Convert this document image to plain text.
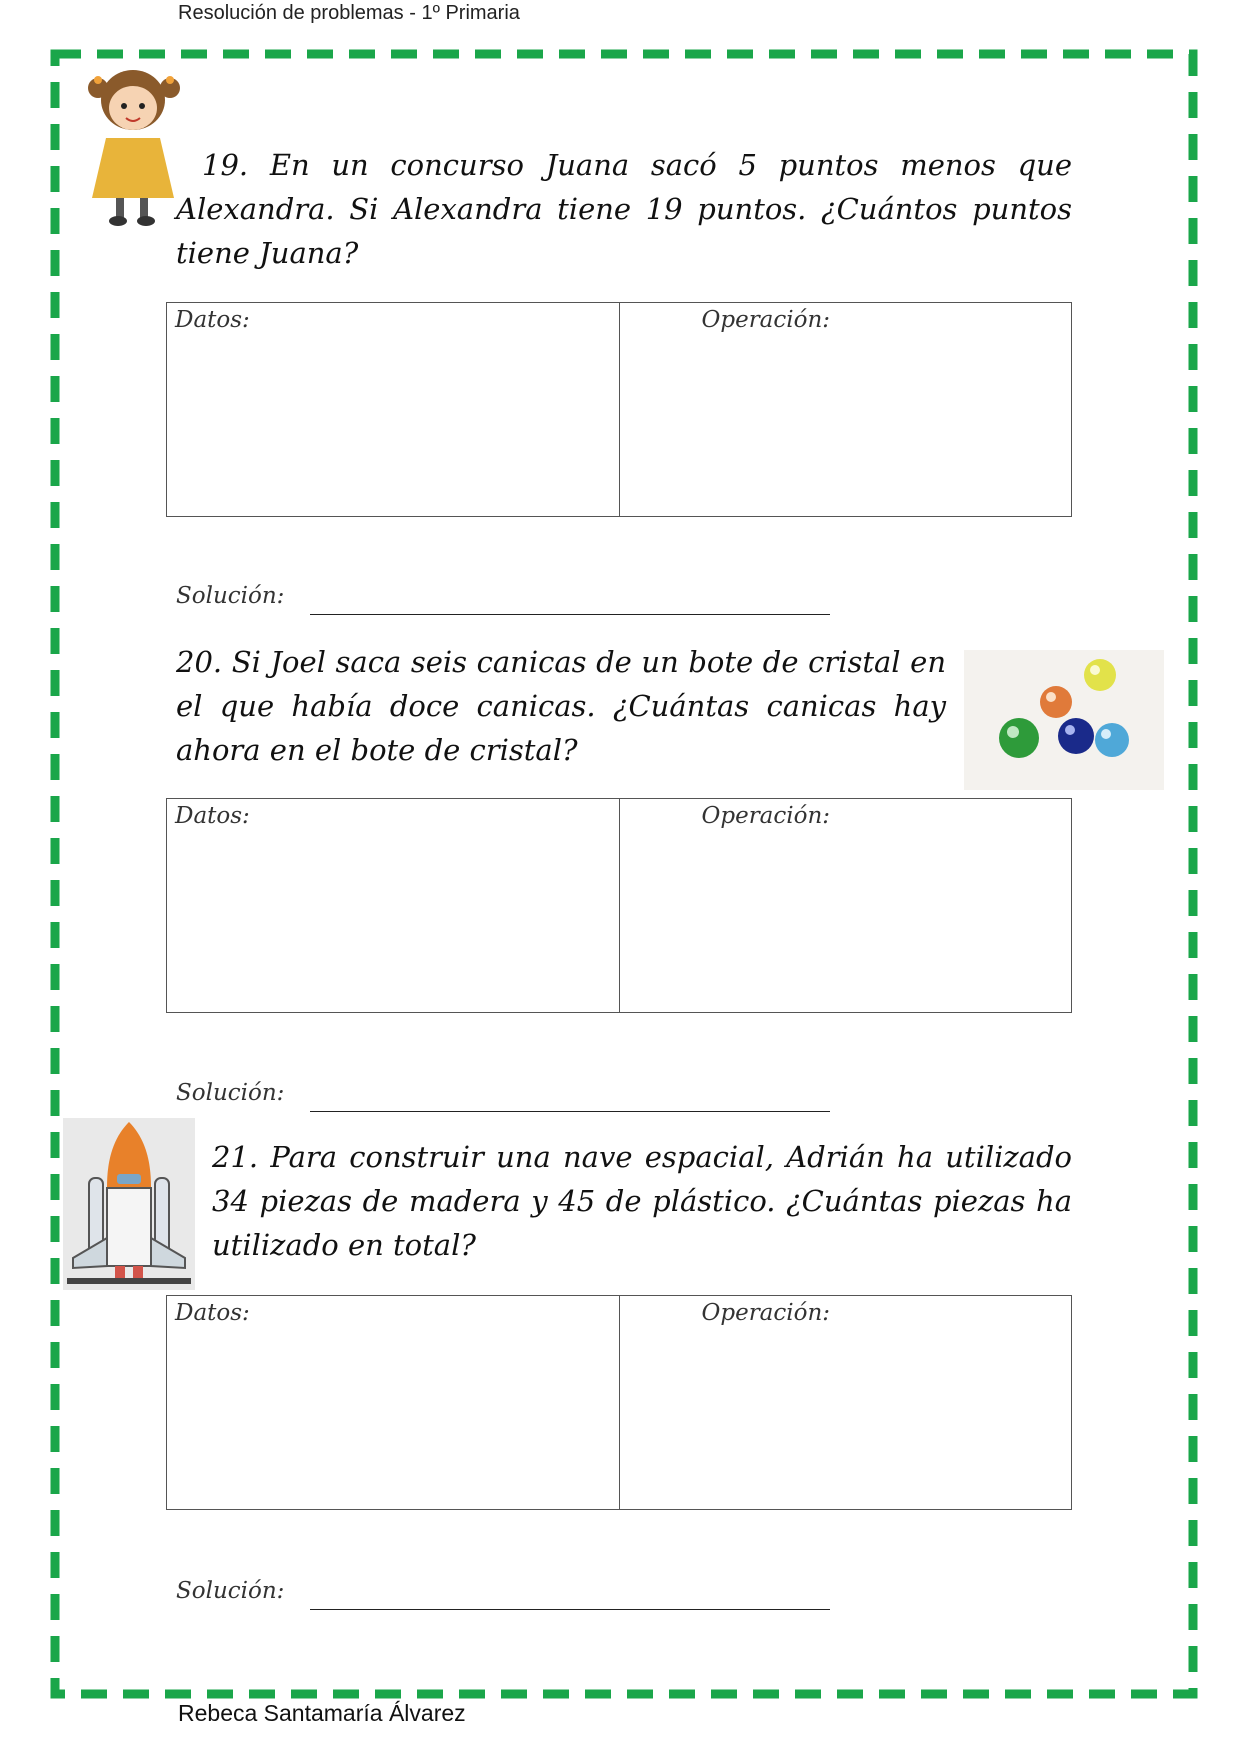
Resolución de problemas - 1º Primaria
19. En un concurso Juana sacó 5 puntos menos que Alexandra. Si Alexandra tiene 19 puntos. ¿Cuántos puntos tiene Juana?
Datos:	Operación:
Solución:
20. Si Joel saca seis canicas de un bote de cristal en el que había doce canicas. ¿Cuántas canicas hay ahora en el bote de cristal?
Datos:	Operación:
Solución:
21. Para construir una nave espacial, Adrián ha utilizado 34 piezas de madera y 45 de plástico. ¿Cuántas piezas ha utilizado en total?
Datos:	Operación:
Solución:
Rebeca Santamaría Álvarez
